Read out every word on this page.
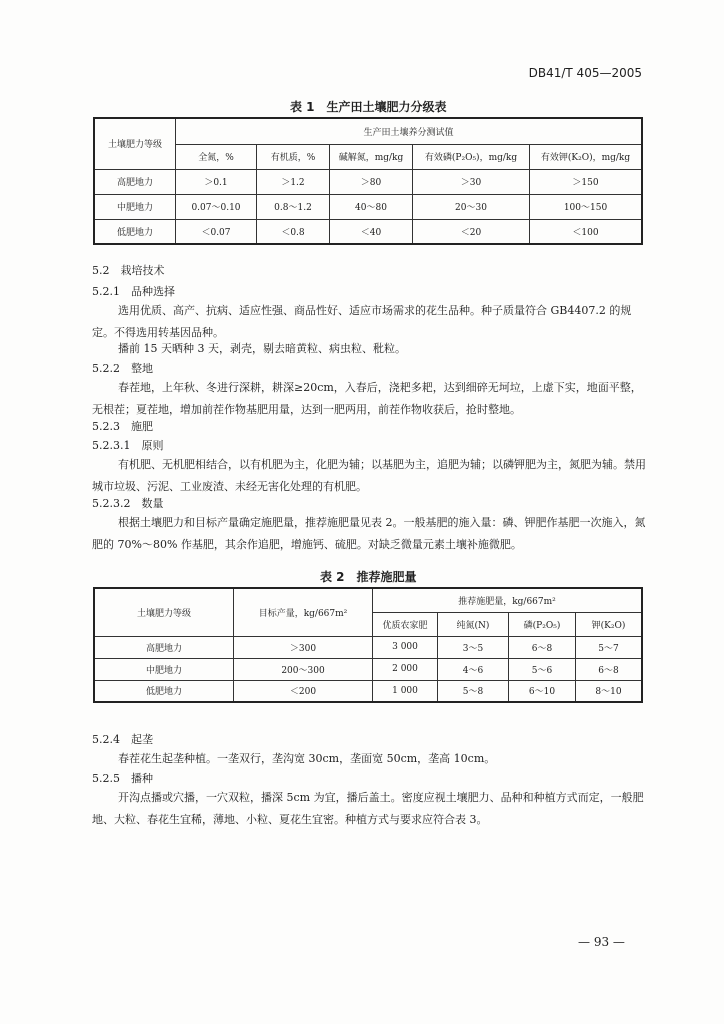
DB41/T 405—2005
表 1　生产田土壤肥力分级表
土壤肥力等级	生产田土壤养分测试值				
	全氮，%	有机质，%	碱解氮，mg/kg	有效磷(P₂O₅)，mg/kg	有效钾(K₂O)，mg/kg
高肥地力	＞0.1	＞1.2	＞80	＞30	＞150
中肥地力	0.07～0.10	0.8～1.2	40～80	20～30	100～150
低肥地力	＜0.07	＜0.8	＜40	＜20	＜100
5.2　栽培技术
5.2.1　品种选择
选用优质、高产、抗病、适应性强、商品性好、适应市场需求的花生品种。种子质量符合 GB4407.2 的规定。不得选用转基因品种。
播前 15 天晒种 3 天，剥壳，剔去暗黄粒、病虫粒、秕粒。
5.2.2　整地
春茬地，上年秋、冬进行深耕，耕深≥20cm，入春后，浇耙多耙，达到细碎无坷垃，上虚下实，地面平整，无根茬；夏茬地，增加前茬作物基肥用量，达到一肥两用，前茬作物收获后，抢时整地。
5.2.3　施肥
5.2.3.1　原则
有机肥、无机肥相结合，以有机肥为主，化肥为辅；以基肥为主，追肥为辅；以磷钾肥为主，氮肥为辅。禁用城市垃圾、污泥、工业废渣、未经无害化处理的有机肥。
5.2.3.2　数量
根据土壤肥力和目标产量确定施肥量，推荐施肥量见表 2。一般基肥的施入量：磷、钾肥作基肥一次施入，氮肥的 70%～80% 作基肥，其余作追肥，增施钙、硫肥。对缺乏微量元素土壤补施微肥。
表 2　推荐施肥量
土壤肥力等级	目标产量，kg/667m²	推荐施肥量，kg/667m²			
		优质农家肥	纯氮(N)	磷(P₂O₅)	钾(K₂O)
高肥地力	＞300	3 000	3～5	6～8	5～7
中肥地力	200～300	2 000	4～6	5～6	6～8
低肥地力	＜200	1 000	5～8	6～10	8～10
5.2.4　起垄
春茬花生起垄种植。一垄双行，垄沟宽 30cm，垄面宽 50cm，垄高 10cm。
5.2.5　播种
开沟点播或穴播，一穴双粒，播深 5cm 为宜，播后盖土。密度应视土壤肥力、品种和种植方式而定，一般肥地、大粒、春花生宜稀，薄地、小粒、夏花生宜密。种植方式与要求应符合表 3。
— 93 —
